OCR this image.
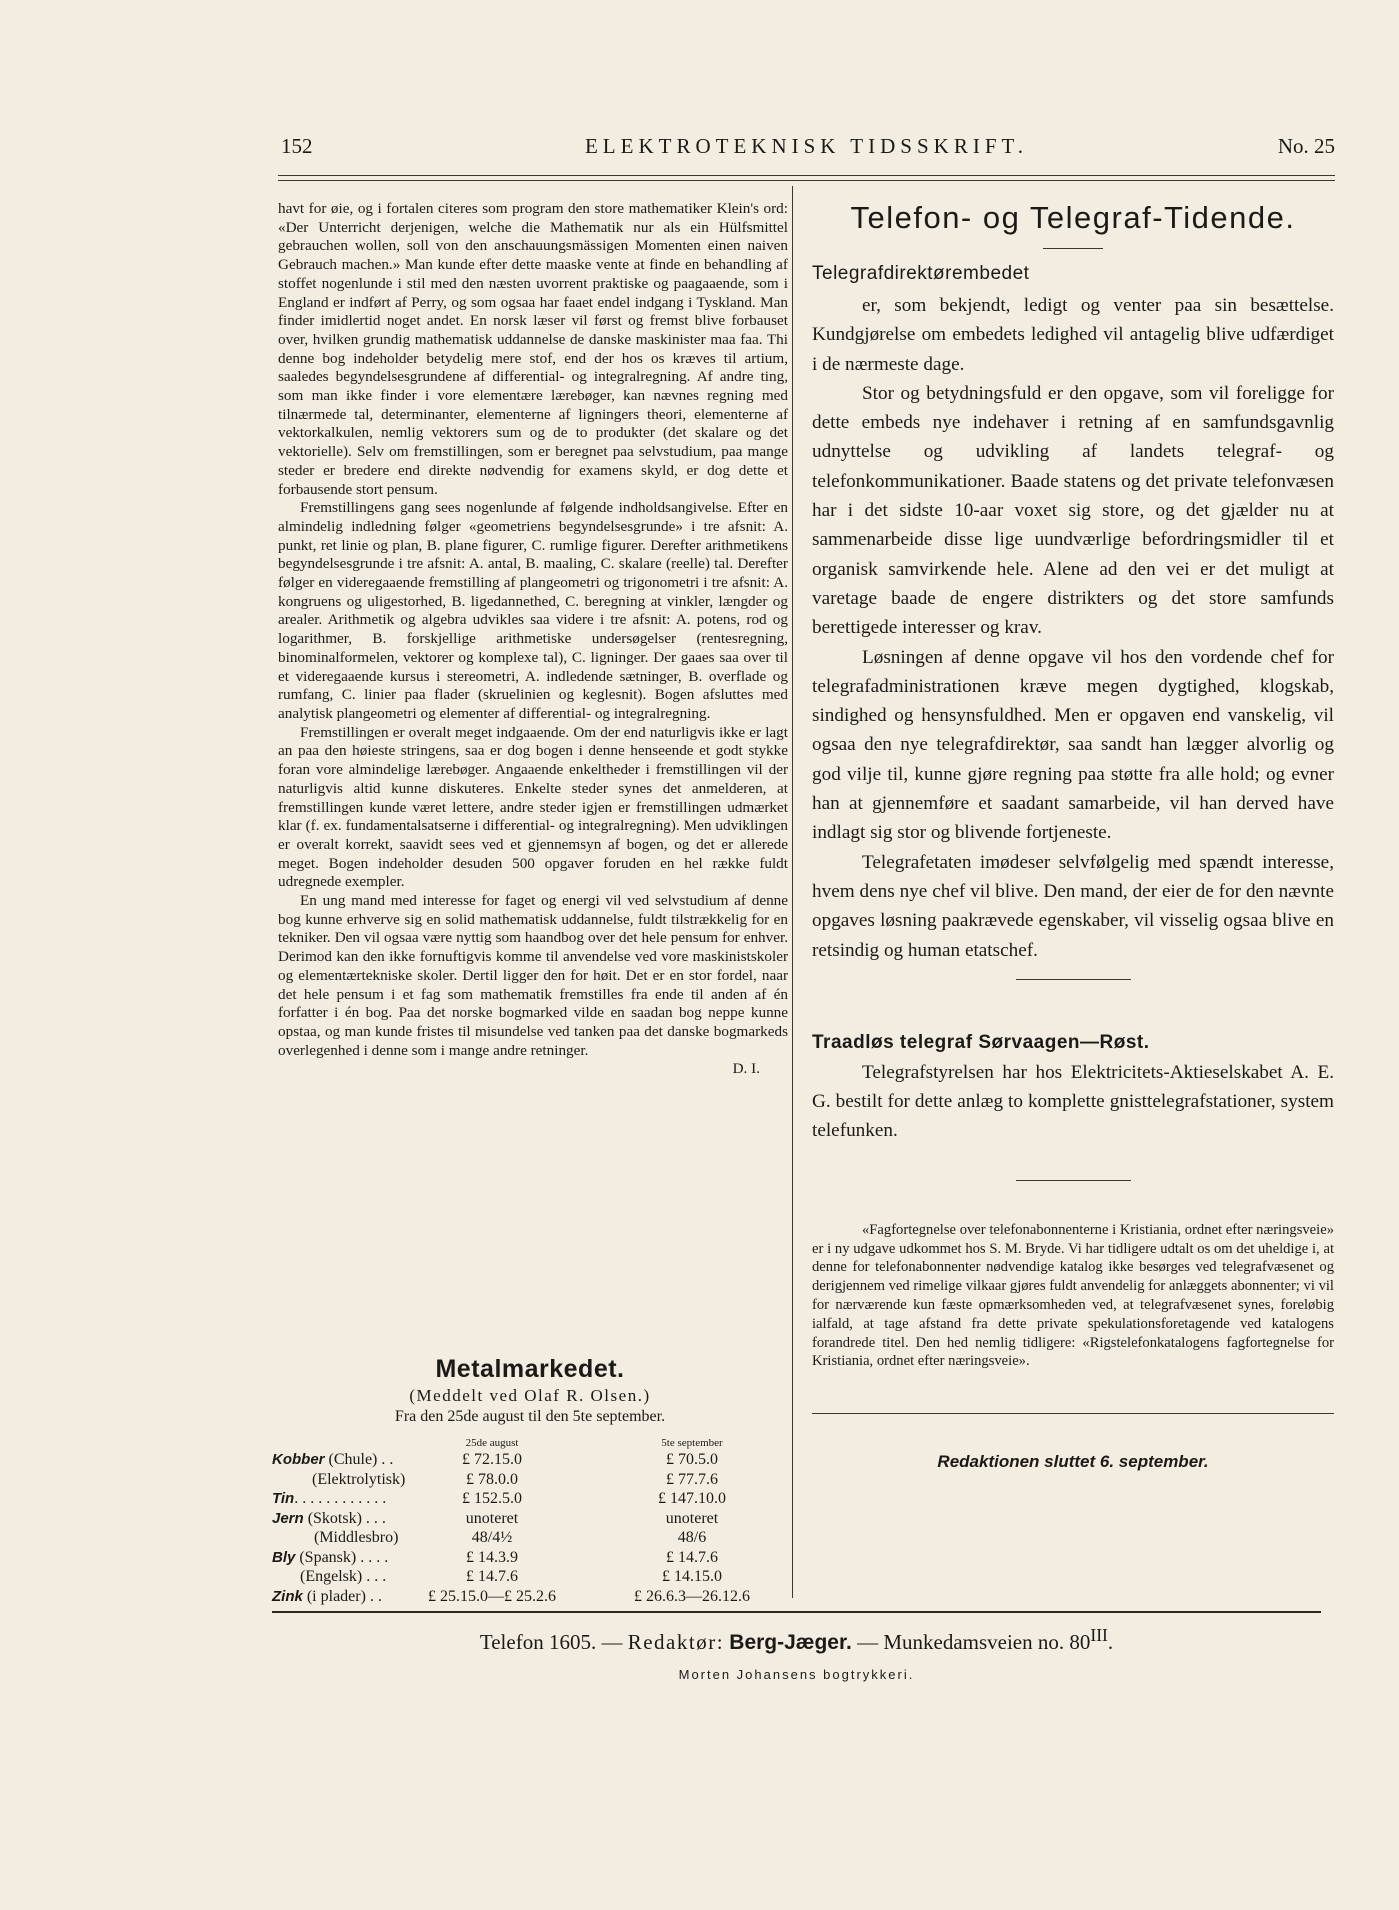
152	ELEKTROTEKNISK TIDSSKRIFT.	No. 25

havt for øie, og i fortalen citeres som program den store mathematiker Klein's ord: «Der Unterricht derjenigen, welche die Mathematik nur als ein Hülfsmittel gebrauchen wollen, soll von den anschauungsmässigen Momenten einen naiven Gebrauch machen.» Man kunde efter dette maaske vente at finde en behandling af stoffet nogenlunde i stil med den næsten uvorrent praktiske og paagaaende, som i England er indført af Perry, og som ogsaa har faaet endel indgang i Tyskland. Man finder imidlertid noget andet. En norsk læser vil først og fremst blive forbauset over, hvilken grundig mathematisk uddannelse de danske maskinister maa faa. Thi denne bog indeholder betydelig mere stof, end der hos os kræves til artium, saaledes begyndelsesgrundene af differential- og integralregning. Af andre ting, som man ikke finder i vore elementære lærebøger, kan nævnes regning med tilnærmede tal, determinanter, elementerne af ligningers theori, elementerne af vektorkalkulen, nemlig vektorers sum og de to produkter (det skalare og det vektorielle). Selv om fremstillingen, som er beregnet paa selvstudium, paa mange steder er bredere end direkte nødvendig for examens skyld, er dog dette et forbausende stort pensum.

Fremstillingens gang sees nogenlunde af følgende indholdsangivelse. Efter en almindelig indledning følger «geometriens begyndelsesgrunde» i tre afsnit: A. punkt, ret linie og plan, B. plane figurer, C. rumlige figurer. Derefter arithmetikens begyndelsesgrunde i tre afsnit: A. antal, B. maaling, C. skalare (reelle) tal. Derefter følger en videregaaende fremstilling af plangeometri og trigonometri i tre afsnit: A. kongruens og uligestorhed, B. ligedannethed, C. beregning at vinkler, længder og arealer. Arithmetik og algebra udvikles saa videre i tre afsnit: A. potens, rod og logarithmer, B. forskjellige arithmetiske undersøgelser (rentesregning, binominalformelen, vektorer og komplexe tal), C. ligninger. Der gaaes saa over til et videregaaende kursus i stereometri, A. indledende sætninger, B. overflade og rumfang, C. linier paa flader (skruelinien og keglesnit). Bogen afsluttes med analytisk plangeometri og elementer af differential- og integralregning.

Fremstillingen er overalt meget indgaaende. Om der end naturligvis ikke er lagt an paa den høieste stringens, saa er dog bogen i denne henseende et godt stykke foran vore almindelige lærebøger. Angaaende enkeltheder i fremstillingen vil der naturligvis altid kunne diskuteres. Enkelte steder synes det anmelderen, at fremstillingen kunde været lettere, andre steder igjen er fremstillingen udmærket klar (f. ex. fundamentalsatserne i differential- og integralregning). Men udviklingen er overalt korrekt, saavidt sees ved et gjennemsyn af bogen, og det er allerede meget. Bogen indeholder desuden 500 opgaver foruden en hel række fuldt udregnede exempler.

En ung mand med interesse for faget og energi vil ved selvstudium af denne bog kunne erhverve sig en solid mathematisk uddannelse, fuldt tilstrækkelig for en tekniker. Den vil ogsaa være nyttig som haandbog over det hele pensum for enhver. Derimod kan den ikke fornuftigvis komme til anvendelse ved vore maskinistskoler og elementærtekniske skoler. Dertil ligger den for høit. Det er en stor fordel, naar det hele pensum i et fag som mathematik fremstilles fra ende til anden af én forfatter i én bog. Paa det norske bogmarked vilde en saadan bog neppe kunne opstaa, og man kunde fristes til misundelse ved tanken paa det danske bogmarkeds overlegenhed i denne som i mange andre retninger.

D. I.
Metalmarkedet.
(Meddelt ved Olaf R. Olsen.)
Fra den 25de august til den 5te september.
25de august	5te september
Kobber (Chule) . .	£ 72.15.0	£ 70.5.0
(Elektrolytisk)	£ 78.0.0	£ 77.7.6
Tin. . . . . . . . . . . .	£ 152.5.0	£ 147.10.0
Jern (Skotsk) . . .	unoteret	unoteret
(Middlesbro)	48/4½	48/6
Bly (Spansk) . . . .	£ 14.3.9	£ 14.7.6
(Engelsk) . . .	£ 14.7.6	£ 14.15.0
Zink (i plader) . .	£ 25.15.0—£ 25.2.6	£ 26.6.3—26.12.6
Telefon- og Telegraf-Tidende.
Telegrafdirektørembedet

er, som bekjendt, ledigt og venter paa sin besættelse. Kundgjørelse om embedets ledighed vil antagelig blive udfærdiget i de nærmeste dage.

Stor og betydningsfuld er den opgave, som vil foreligge for dette embeds nye indehaver i retning af en samfundsgavnlig udnyttelse og udvikling af landets telegraf- og telefonkommunikationer. Baade statens og det private telefonvæsen har i det sidste 10-aar voxet sig store, og det gjælder nu at sammenarbeide disse lige uundværlige befordringsmidler til et organisk samvirkende hele. Alene ad den vei er det muligt at varetage baade de engere distrikters og det store samfunds berettigede interesser og krav.

Løsningen af denne opgave vil hos den vordende chef for telegrafadministrationen kræve megen dygtighed, klogskab, sindighed og hensynsfuldhed. Men er opgaven end vanskelig, vil ogsaa den nye telegrafdirektør, saa sandt han lægger alvorlig og god vilje til, kunne gjøre regning paa støtte fra alle hold; og evner han at gjennemføre et saadant samarbeide, vil han derved have indlagt sig stor og blivende fortjeneste.

Telegrafetaten imødeser selvfølgelig med spændt interesse, hvem dens nye chef vil blive. Den mand, der eier de for den nævnte opgaves løsning paakrævede egenskaber, vil visselig ogsaa blive en retsindig og human etatschef.

Traadløs telegraf Sørvaagen—Røst.

Telegrafstyrelsen har hos Elektricitets-Aktieselskabet A. E. G. bestilt for dette anlæg to komplette gnisttelegrafstationer, system telefunken.

«Fagfortegnelse over telefonabonnenterne i Kristiania, ordnet efter næringsveie» er i ny udgave udkommet hos S. M. Bryde. Vi har tidligere udtalt os om det uheldige i, at denne for telefonabonnenter nødvendige katalog ikke besørges ved telegrafvæsenet og derigjennem ved rimelige vilkaar gjøres fuldt anvendelig for anlæggets abonnenter; vi vil for nærværende kun fæste opmærksomheden ved, at telegrafvæsenet synes, foreløbig ialfald, at tage afstand fra dette private spekulationsforetagende ved katalogens forandrede titel. Den hed nemlig tidligere: «Rigstelefonkatalogens fagfortegnelse for Kristiania, ordnet efter næringsveie».

Redaktionen sluttet 6. september.
Telefon 1605. — Redaktør: Berg-Jæger. — Munkedamsveien no. $80^{III}$.
Morten Johansens bogtrykkeri.
